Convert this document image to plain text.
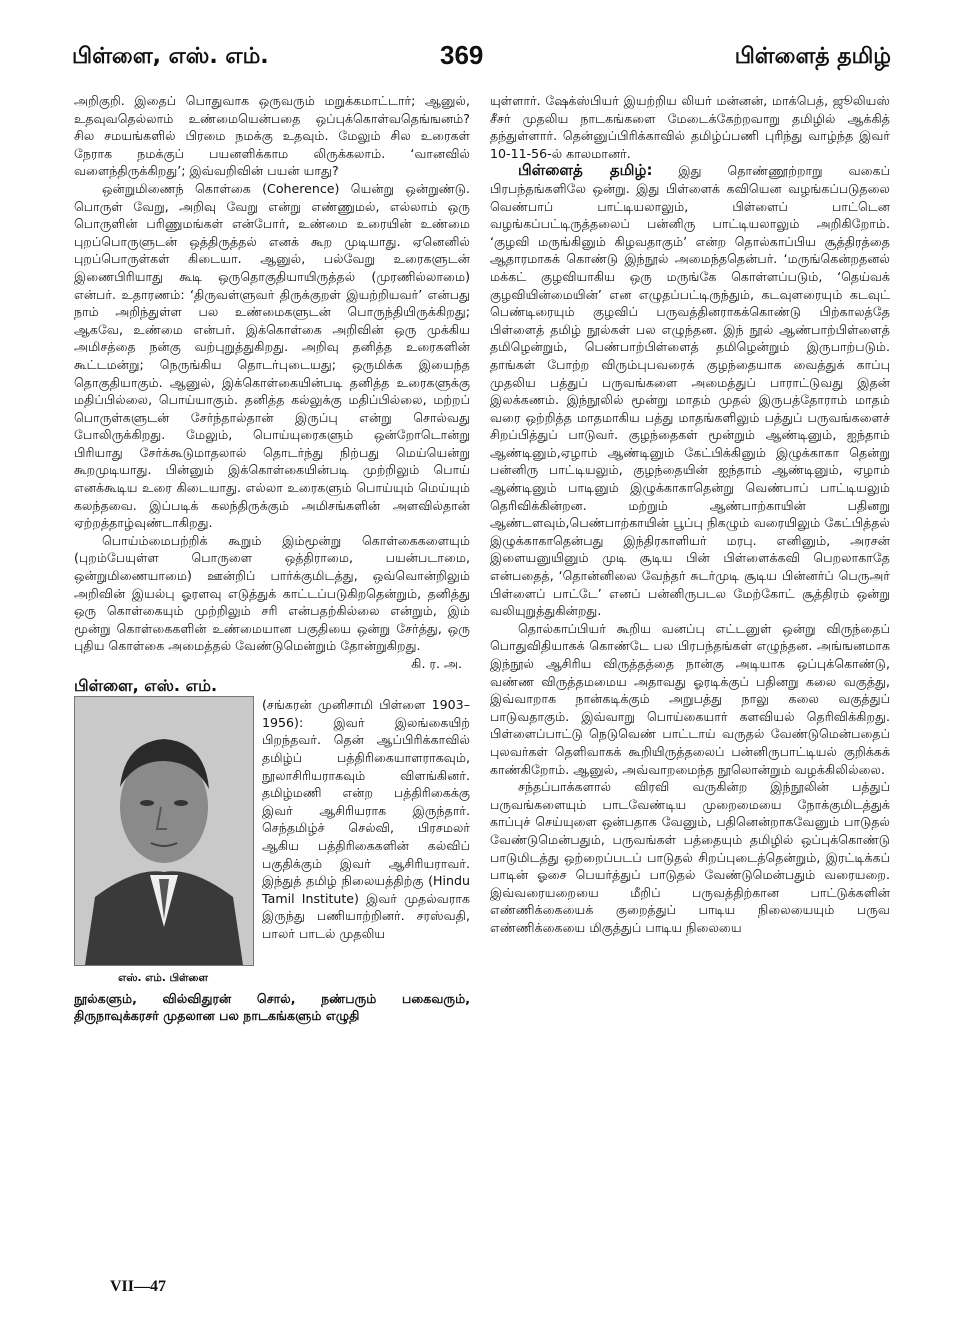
பிள்ளை, எஸ். எம்.	369	பிள்ளைத் தமிழ்

அறிகுறி. இதைப் பொதுவாக ஒருவரும் மறுக்கமாட்டார்; ஆனுல், உதவுவதெல்லாம் உண்மையென்பதை ஒப்புக்கொள்வதெங்ஙனம்? சில சமயங்களில் பிரமை நமக்கு உதவும். மேலும் சில உரைகள் நேராக நமக்குப் பயனளிக்காம லிருக்கலாம். ‘வானவில் வளைந்திருக்கிறது’; இவ்வறிவின் பயன் யாது?

ஒன்றுமிணைந் கொள்கை (Coherence) யென்று ஒன்றுண்டு. பொருள் வேறு, அறிவு வேறு என்று எண்ணுமல், எல்லாம் ஒரு பொருளின் பரிணுமங்கள் என்போர், உண்மை உரையின் உண்மை புறப்பொருளுடன் ஒத்திருத்தல் எனக் கூற முடியாது. ஏனெனில் புறப்பொருள்கள் கிடையா. ஆனுல், பல்வேறு உரைகளுடன் இணைபிரியாது கூடி ஒருதொகுதியாயிருத்தல் (முரணில்லாமை) என்பர். உதாரணம்: ‘திருவள்ளுவர் திருக்குறள் இயற்றியவர்’ என்பது நாம் அறிந்துள்ள பல உண்மைகளுடன் பொருந்தியிருக்கிறது; ஆகவே, உண்மை என்பர். இக்கொள்கை அறிவின் ஒரு முக்கிய அமிசத்தை நன்கு வற்புறுத்துகிறது. அறிவு தனித்த உரைகளின் கூட்டமன்று; நெருங்கிய தொடர்புடையது; ஒருமிக்க இயைந்த தொகுதியாகும். ஆனுல், இக்கொள்கையின்படி தனித்த உரைகளுக்கு மதிப்பில்லை, பொய்யாகும். தனித்த கல்லுக்கு மதிப்பில்லை, மற்றப் பொருள்களுடன் சேர்ந்தால்தான் இருப்பு என்று சொல்வது போலிருக்கிறது. மேலும், பொய்யுரைகளும் ஒன்றோடொன்று பிரியாது சேர்க்கூடுமாதலால் தொடர்ந்து நிற்பது மெய்யென்று கூறமுடியாது. பின்னும் இக்கொள்கையின்படி முற்றிலும் பொய் எனக்கூடிய உரை கிடையாது. எல்லா உரைகளும் பொய்யும் மெய்யும் கலந்தவை. இப்படிக் கலந்திருக்கும் அமிசங்களின் அளவில்தான் ஏற்றத்தாழ்வுண்டாகிறது.

பொய்ம்மைபற்றிக் கூறும் இம்மூன்று கொள்கைகளையும் (புறம்பேயுள்ள பொருளை ஒத்திராமை, பயன்படாமை, ஒன்றுமிணையாமை) ஊன்றிப் பார்க்குமிடத்து, ஒவ்வொன்றிலும் அறிவின் இயல்பு ஓரளவு எடுத்துக் காட்டப்படுகிறதென்றும், தனித்து ஒரு கொள்கையும் முற்றிலும் சரி என்பதற்கில்லை என்றும், இம் மூன்று கொள்கைகளின் உண்மையான பகுதியை ஒன்று சேர்த்து, ஒரு புதிய கொள்கை அமைத்தல் வேண்டுமென்றும் தோன்றுகிறது.

கி. ர. அ.
பிள்ளை, எஸ். எம்.
எஸ். எம். பிள்ளை
(சங்கரன் முனிசாமி பிள்ளை 1903–1956): இவர் இலங்கையிற் பிறந்தவர். தென் ஆப்பிரிக்காவில் தமிழ்ப் பத்திரிகையாளராகவும், நூலாசிரியராகவும் விளங்கினர். தமிழ்மணி என்ற பத்திரிகைக்கு இவர் ஆசிரியராக இருந்தார். செந்தமிழ்ச் செல்வி, பிரசமலர் ஆகிய பத்திரிகைகளின் கல்விப் பகுதிக்கும் இவர் ஆசிரியராவர். இந்துத் தமிழ் நிலையத்திற்கு (Hindu Tamil Institute) இவர் முதல்வராக இருந்து பணியாற்றினர். சரஸ்வதி, பாலர் பாடல் முதலிய

நூல்களும், வில்விதுரன் சொல், நண்பரும் பகைவரும், திருநாவுக்கரசர் முதலான பல நாடகங்களும் எழுதி

யுள்ளார். ஷேக்ஸ்பியர் இயற்றிய லியர் மன்னன், மாக்பெத், ஜூலியஸ் சீசர் முதலிய நாடகங்களை மேடைக்கேற்றவாறு தமிழில் ஆக்கித் தந்துள்ளார். தென்னுப்பிரிக்காவில் தமிழ்ப்பணி புரிந்து வாழ்ந்த இவர் 10-11-56-ல் காலமானர்.

பிள்ளைத் தமிழ்: இது தொண்ணூற்றாறு வகைப் பிரபந்தங்களிலே ஒன்று. இது பிள்ளைக் கவியென வழங்கப்படுதலை வெண்பாப் பாட்டியலாலும், பிள்ளைப் பாட்டென வழங்கப்பட்டிருத்தலைப் பன்னிரு பாட்டியலாலும் அறிகிறோம். ‘குழவி மருங்கினும் கிழவதாகும்’ என்ற தொல்காப்பிய சூத்திரத்தை ஆதாரமாகக் கொண்டு இந்நூல் அமைந்ததென்பர். ‘மருங்கென்றதனல் மக்கட் குழவியாகிய ஒரு மருங்கே கொள்ளப்படும், ‘தெய்வக் குழவியின்மையின்’ என எழுதப்பட்டிருந்தும், கடவுளரையும் கடவுட் பெண்டிரையும் குழவிப் பருவத்தினராகக்கொண்டு பிற்காலத்தே பிள்ளைத் தமிழ் நூல்கள் பல எழுந்தன. இந் நூல் ஆண்பாற்பிள்ளைத் தமிழென்றும், பெண்பாற்பிள்ளைத் தமிழென்றும் இருபாற்படும். தாங்கள் போற்ற விரும்புபவரைக் குழந்தையாக வைத்துக் காப்பு முதலிய பத்துப் பருவங்களை அமைத்துப் பாராட்டுவது இதன் இலக்கணம். இந்நூலில் மூன்று மாதம் முதல் இருபத்தோராம் மாதம் வரை ஒற்றித்த மாதமாகிய பத்து மாதங்களிலும் பத்துப் பருவங்களைச் சிறப்பித்துப் பாடுவர். குழந்தைகள் மூன்றும் ஆண்டினும், ஐந்தாம் ஆண்டினும்,ஏழாம் ஆண்டினும் கேட்பிக்கினும் இழுக்காகா தென்று பன்னிரு பாட்டியலும், குழந்தையின் ஐந்தாம் ஆண்டினும், ஏழாம் ஆண்டினும் பாடினும் இழுக்காகாதென்று வெண்பாப் பாட்டியலும் தெரிவிக்கின்றன. மற்றும் ஆண்பாற்காயின் பதினறு ஆண்டளவும்,பெண்பாற்காயின் பூப்பு நிகழும் வரையிலும் கேட்பித்தல் இழுக்காகாதென்பது இந்திரகாளியர் மரபு. எனினும், அரசன் இளையனுயினும் முடி சூடிய பின் பிள்ளைக்கவி பெறலாகாதே என்பதைத், ‘தொன்னிலை வேந்தர் சுடர்முடி சூடிய பின்னர்ப் பெருஅர் பிள்ளைப் பாட்டே’ எனப் பன்னிருபடல மேற்கோட் சூத்திரம் ஒன்று வலியுறுத்துகின்றது.

தொல்காப்பியர் கூறிய வனப்பு எட்டனுள் ஒன்று விருந்தைப் பொதுவிதியாகக் கொண்டே பல பிரபந்தங்கள் எழுந்தன. அங்ஙனமாக இந்நூல் ஆசிரிய விருத்தத்தை நான்கு அடியாக ஒப்புக்கொண்டு, வண்ண விருத்தமமைய அதாவது ஓரடிக்குப் பதினறு கலை வகுத்து, இவ்வாறாக நான்கடிக்கும் அறுபத்து நாலு கலை வகுத்துப் பாடுவதாகும். இவ்வாறு பொய்கையார் களவியல் தெரிவிக்கிறது. பிள்ளைப்பாட்டு நெடுவெண் பாட்டாய் வருதல் வேண்டுமென்பதைப் புலவர்கள் தெளிவாகக் கூறியிருத்தலைப் பன்னிருபாட்டியல் குறிக்கக் காண்கிறோம். ஆனுல், அவ்வாறமைந்த நூலொன்றும் வழக்கிலில்லை.

சந்தப்பாக்களால் விரவி வருகின்ற இந்நூலின் பத்துப் பருவங்களையும் பாடவேண்டிய முறைமையை நோக்குமிடத்துக் காப்புச் செய்யுளை ஒன்பதாக வேனும், பதினென்றாகவேனும் பாடுதல் வேண்டுமென்பதும், பருவங்கள் பத்தையும் தமிழில் ஒப்புக்கொண்டு பாடுமிடத்து ஒற்றைப்படப் பாடுதல் சிறப்புடைத்தென்றும், இரட்டிக்கப் பாடின் ஓசை பெயர்த்துப் பாடுதல் வேண்டுமென்பதும் வரையறை. இவ்வரையறையை மீறிப் பருவத்திற்கான பாட்டுக்களின் எண்ணிக்கையைக் குறைத்துப் பாடிய நிலையையும் பருவ எண்ணிக்கையை மிகுத்துப் பாடிய நிலையை

VII—47
